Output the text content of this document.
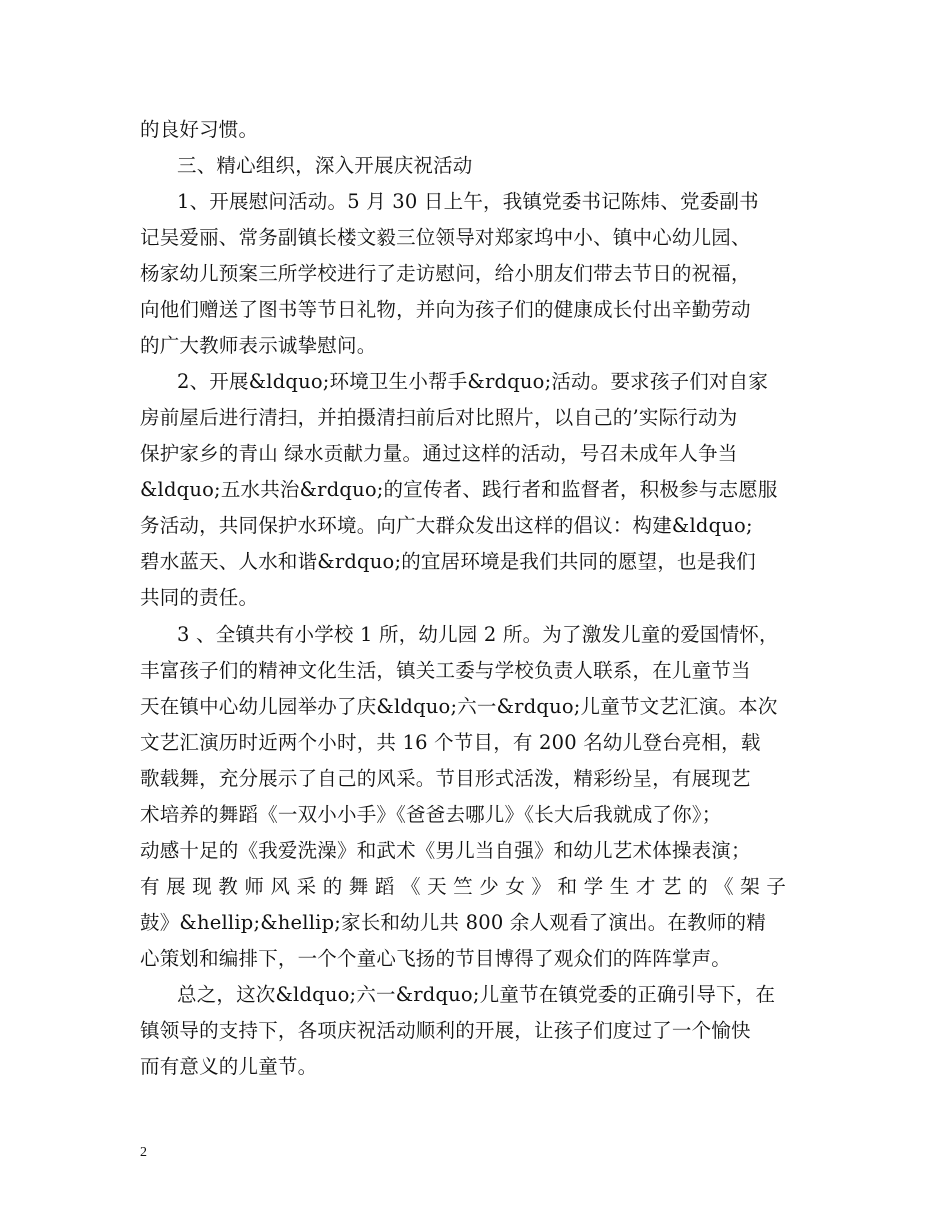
的良好习惯。
三、精心组织，深入开展庆祝活动
1、开展慰问活动。5 月 30 日上午，我镇党委书记陈炜、党委副书
记吴爱丽、常务副镇长楼文毅三位领导对郑家坞中小、镇中心幼儿园、
杨家幼儿预案三所学校进行了走访慰问，给小朋友们带去节日的祝福，
向他们赠送了图书等节日礼物，并向为孩子们的健康成长付出辛勤劳动
的广大教师表示诚挚慰问。
2、开展&ldquo;环境卫生小帮手&rdquo;活动。要求孩子们对自家
房前屋后进行清扫，并拍摄清扫前后对比照片，以自己的’实际行动为
保护家乡的青山 绿水贡献力量。通过这样的活动，号召未成年人争当
&ldquo;五水共治&rdquo;的宣传者、践行者和监督者，积极参与志愿服
务活动，共同保护水环境。向广大群众发出这样的倡议：构建&ldquo;
碧水蓝天、人水和谐&rdquo;的宜居环境是我们共同的愿望，也是我们
共同的责任。
3 、全镇共有小学校 1 所，幼儿园 2 所。为了激发儿童的爱国情怀，
丰富孩子们的精神文化生活，镇关工委与学校负责人联系，在儿童节当
天在镇中心幼儿园举办了庆&ldquo;六一&rdquo;儿童节文艺汇演。本次
文艺汇演历时近两个小时，共 16 个节目，有 200 名幼儿登台亮相，载
歌载舞，充分展示了自己的风采。节目形式活泼，精彩纷呈，有展现艺
术培养的舞蹈《一双小小手》《爸爸去哪儿》《长大后我就成了你》；
动感十足的《我爱洗澡》和武术《男儿当自强》和幼儿艺术体操表演；
有 展 现 教 师 风 采 的 舞 蹈 《 天 竺 少 女 》 和 学 生 才 艺 的 《 架 子
鼓》&hellip;&hellip;家长和幼儿共 800 余人观看了演出。在教师的精
心策划和编排下，一个个童心飞扬的节目博得了观众们的阵阵掌声。
总之，这次&ldquo;六一&rdquo;儿童节在镇党委的正确引导下，在
镇领导的支持下，各项庆祝活动顺利的开展，让孩子们度过了一个愉快
而有意义的儿童节。
2
